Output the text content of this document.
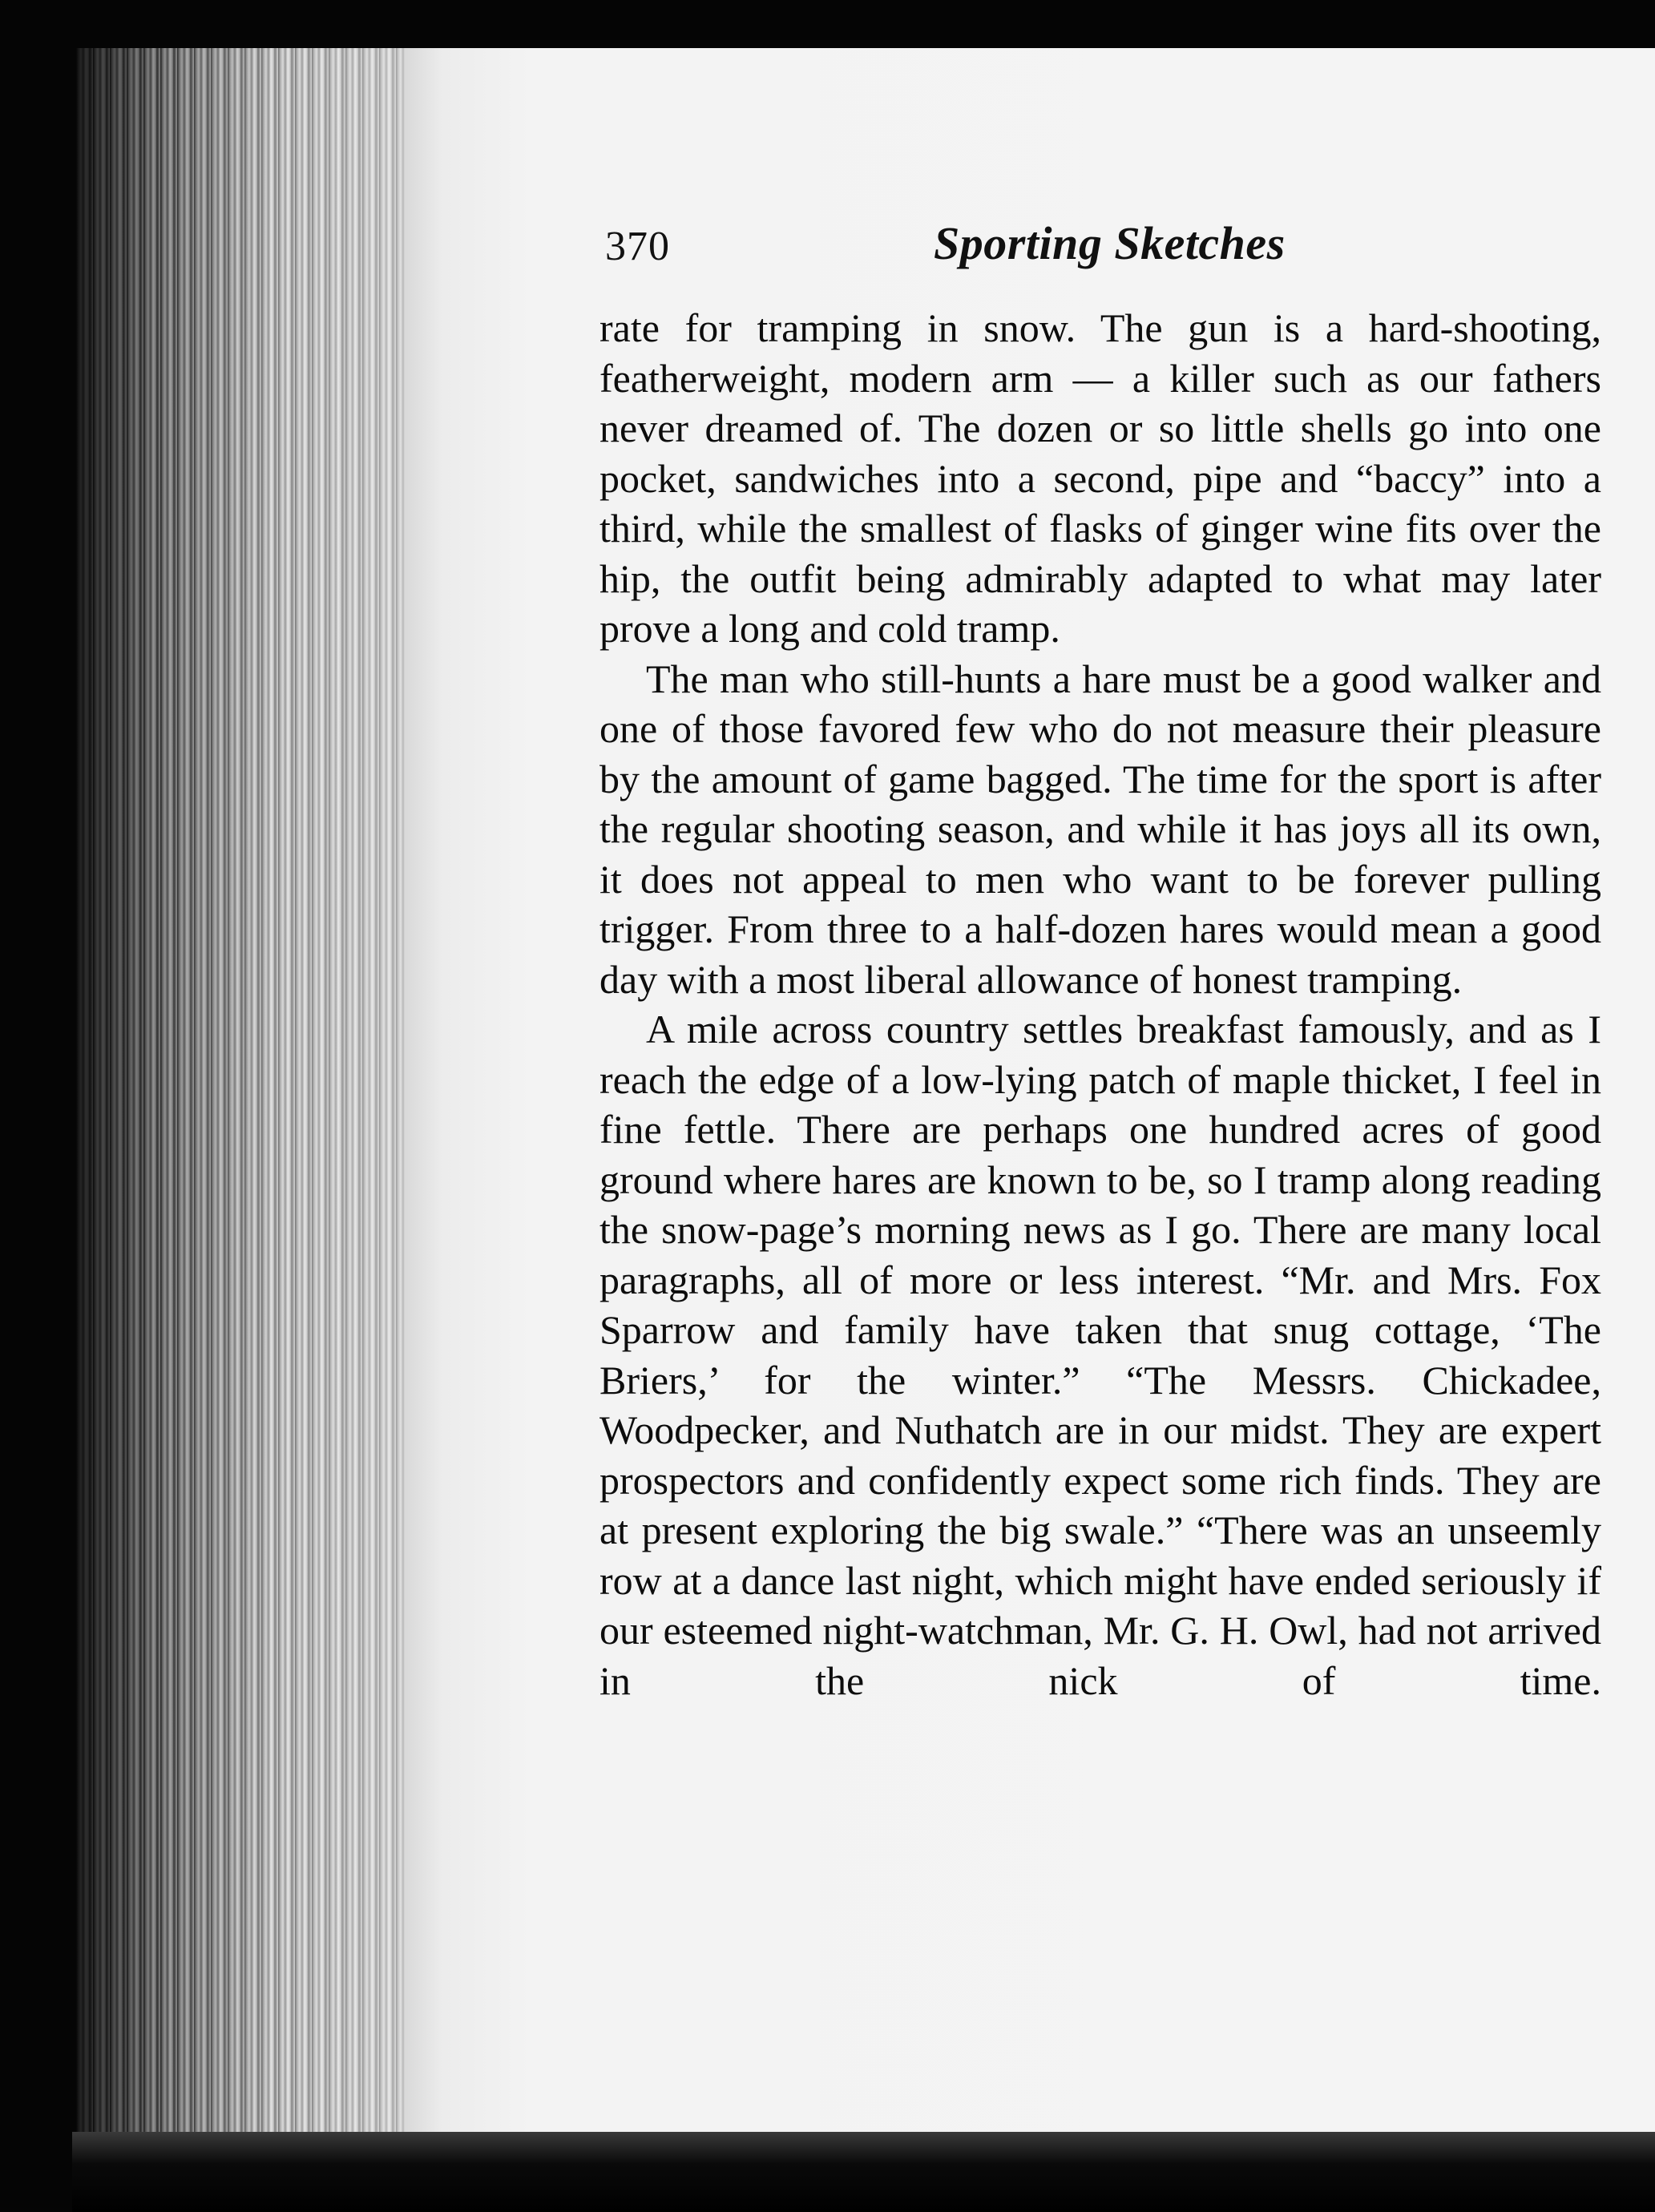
370	Sporting Sketches

rate for tramping in snow. The gun is a hard-shooting, featherweight, modern arm — a killer such as our fathers never dreamed of. The dozen or so little shells go into one pocket, sandwiches into a second, pipe and “baccy” into a third, while the smallest of flasks of ginger wine fits over the hip, the outfit being admirably adapted to what may later prove a long and cold tramp.

The man who still-hunts a hare must be a good walker and one of those favored few who do not measure their pleasure by the amount of game bagged. The time for the sport is after the regular shooting season, and while it has joys all its own, it does not appeal to men who want to be forever pulling trigger. From three to a half-dozen hares would mean a good day with a most liberal allowance of honest tramping.

A mile across country settles breakfast famously, and as I reach the edge of a low-lying patch of maple thicket, I feel in fine fettle. There are perhaps one hundred acres of good ground where hares are known to be, so I tramp along reading the snow-page’s morning news as I go. There are many local paragraphs, all of more or less interest. “Mr. and Mrs. Fox Sparrow and family have taken that snug cottage, ‘The Briers,’ for the winter.” “The Messrs. Chickadee, Woodpecker, and Nuthatch are in our midst. They are expert prospectors and confidently expect some rich finds. They are at present exploring the big swale.” “There was an unseemly row at a dance last night, which might have ended seriously if our esteemed night-watchman, Mr. G. H. Owl, had not arrived in the nick of time.
